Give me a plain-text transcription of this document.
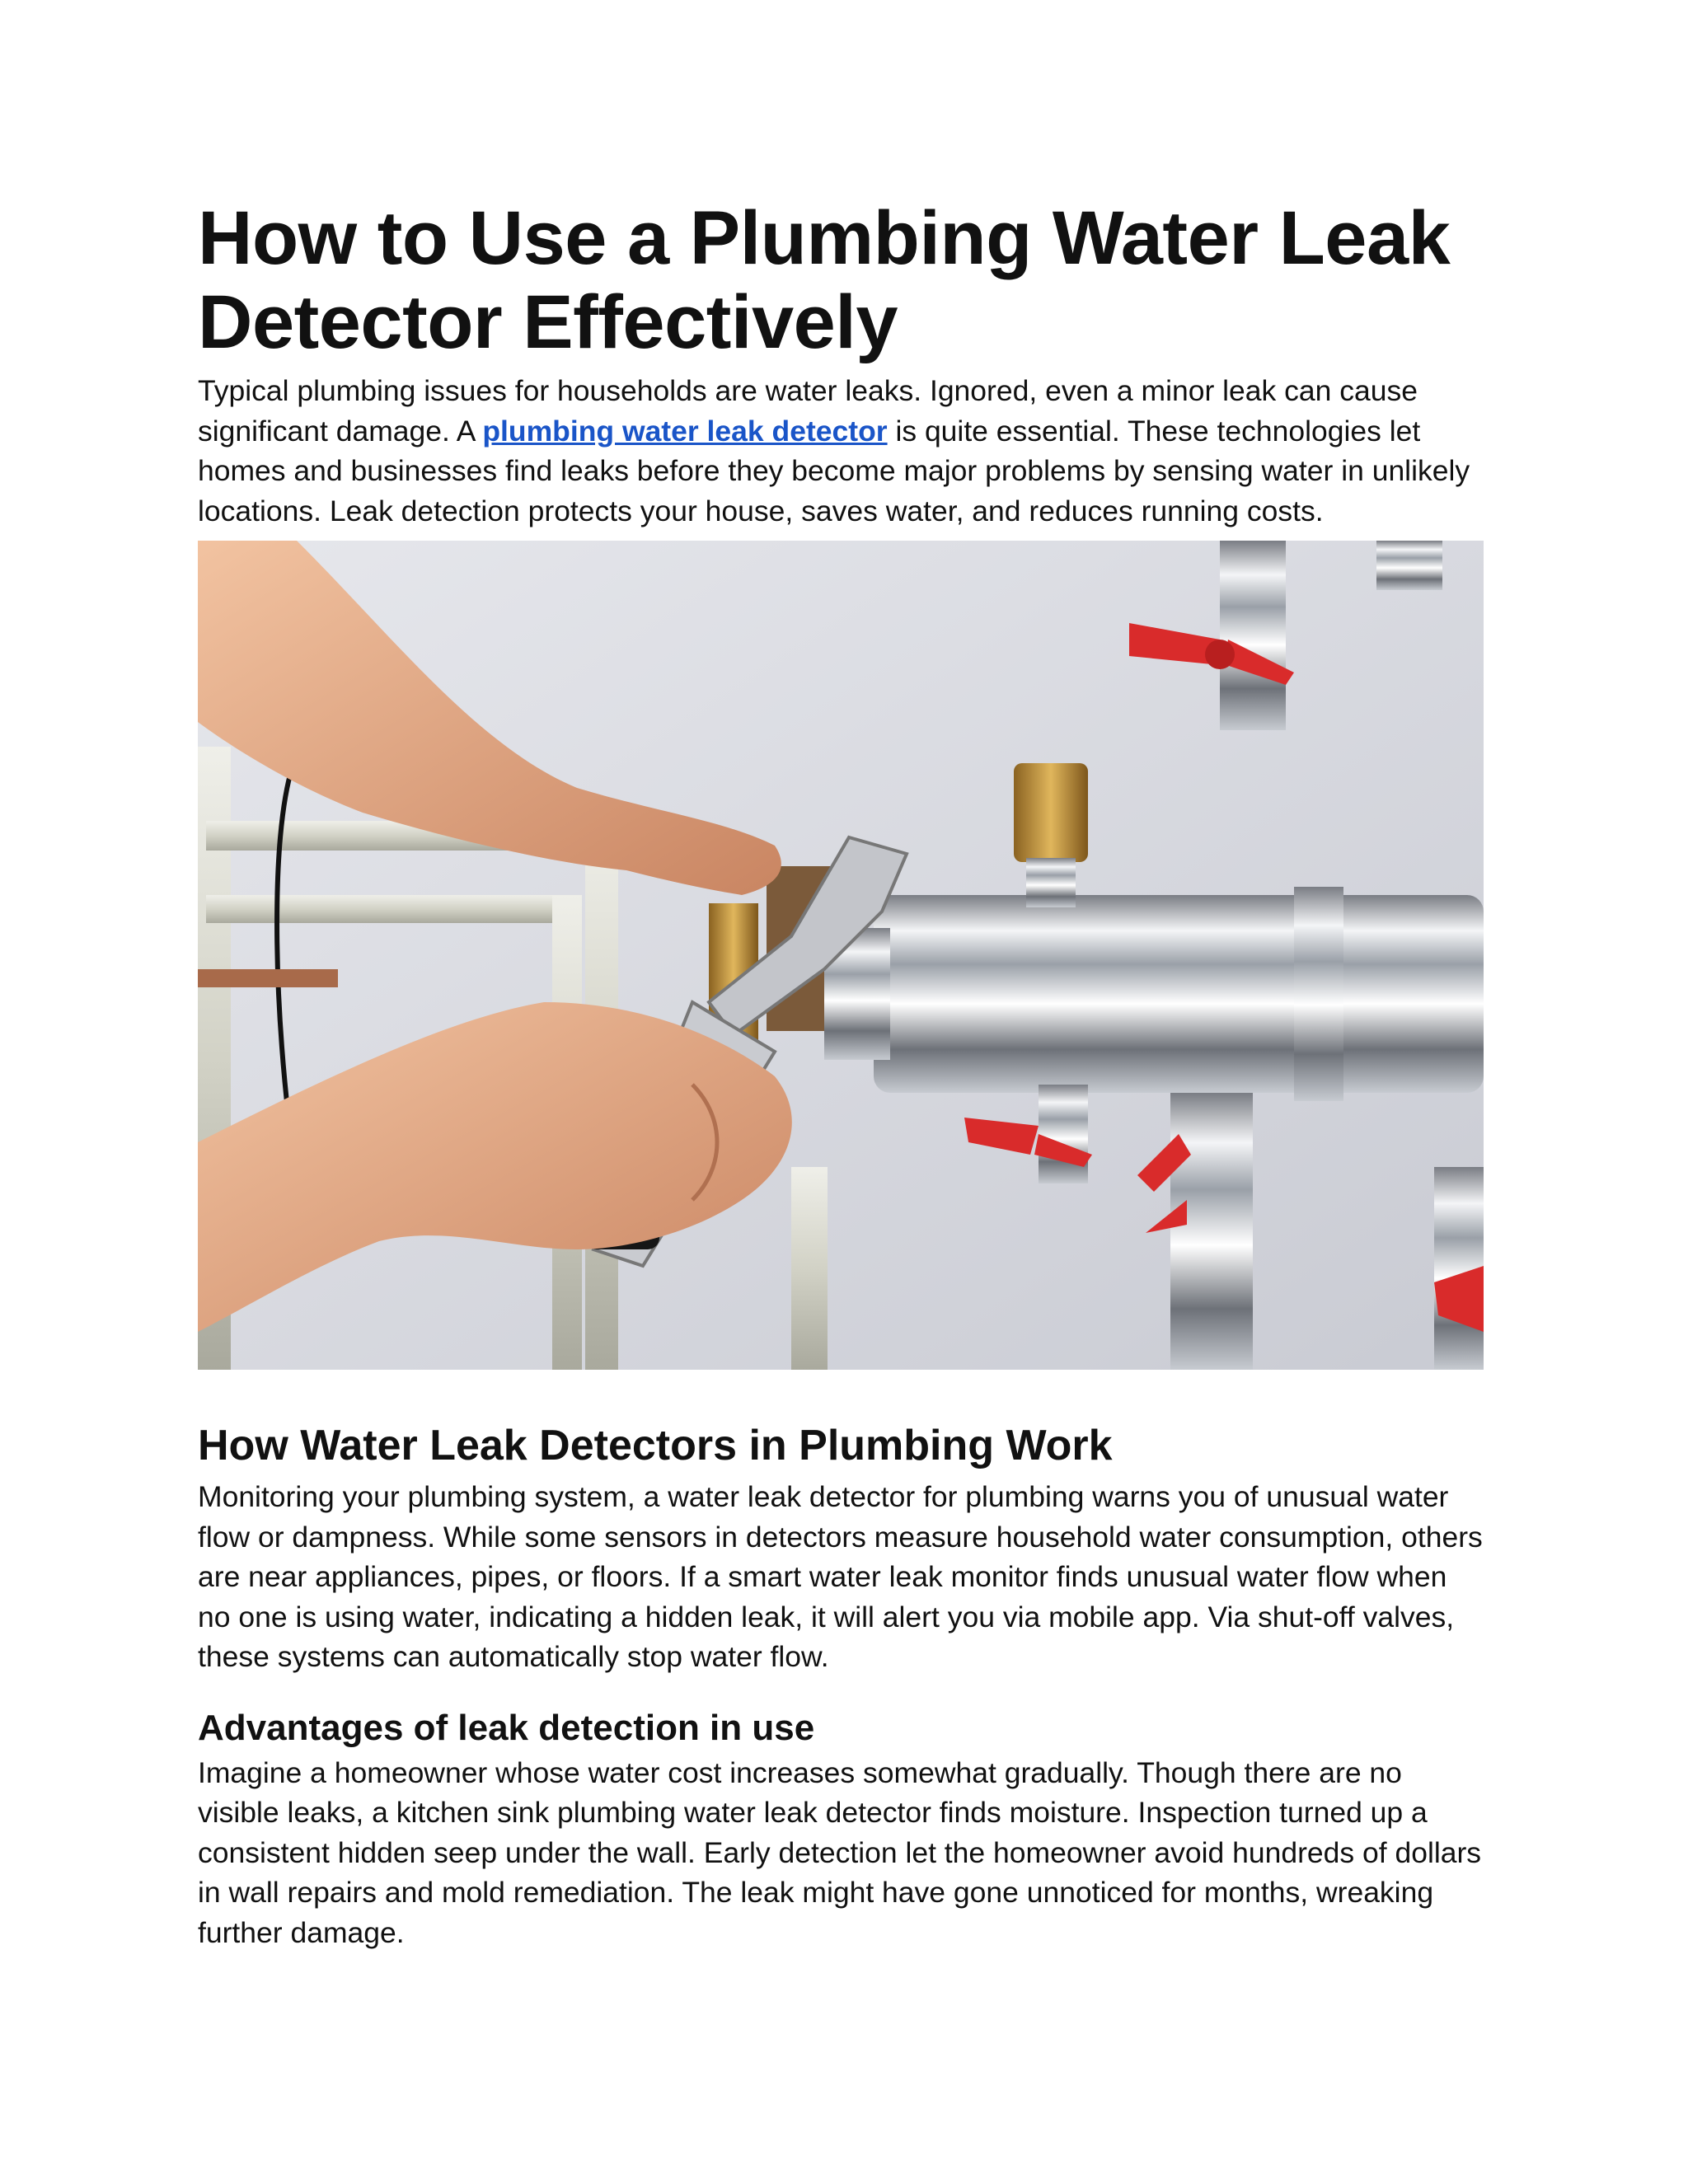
How to Use a Plumbing Water Leak Detector Effectively

Typical plumbing issues for households are water leaks. Ignored, even a minor leak can cause significant damage. A plumbing water leak detector is quite essential. These technologies let homes and businesses find leaks before they become major problems by sensing water in unlikely locations. Leak detection protects your house, saves water, and reduces running costs.

How Water Leak Detectors in Plumbing Work

Monitoring your plumbing system, a water leak detector for plumbing warns you of unusual water flow or dampness. While some sensors in detectors measure household water consumption, others are near appliances, pipes, or floors. If a smart water leak monitor finds unusual water flow when no one is using water, indicating a hidden leak, it will alert you via mobile app. Via shut-off valves, these systems can automatically stop water flow.

Advantages of leak detection in use

Imagine a homeowner whose water cost increases somewhat gradually. Though there are no visible leaks, a kitchen sink plumbing water leak detector finds moisture. Inspection turned up a consistent hidden seep under the wall. Early detection let the homeowner avoid hundreds of dollars in wall repairs and mold remediation. The leak might have gone unnoticed for months, wreaking further damage.
